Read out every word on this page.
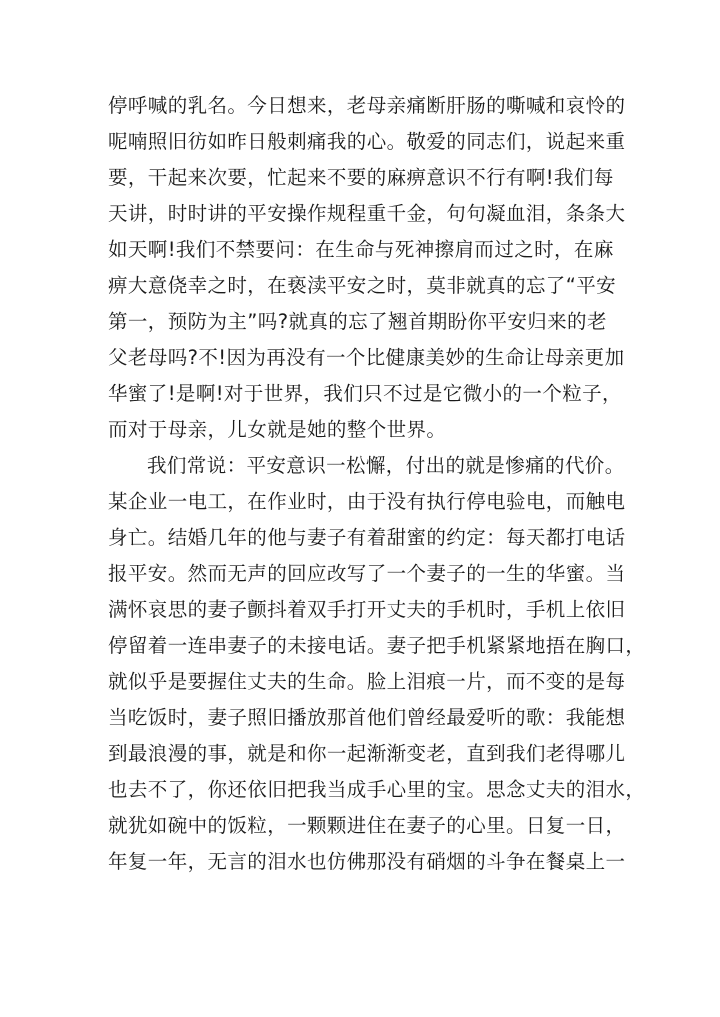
停呼喊的乳名。今日想来，老母亲痛断肝肠的嘶喊和哀怜的
呢喃照旧彷如昨日般刺痛我的心。敬爱的同志们，说起来重
要，干起来次要，忙起来不要的麻痹意识不行有啊!我们每
天讲，时时讲的平安操作规程重千金，句句凝血泪，条条大
如天啊!我们不禁要问：在生命与死神擦肩而过之时，在麻
痹大意侥幸之时，在亵渎平安之时，莫非就真的忘了“平安
第一，预防为主”吗?就真的忘了翘首期盼你平安归来的老
父老母吗?不!因为再没有一个比健康美妙的生命让母亲更加
华蜜了!是啊!对于世界，我们只不过是它微小的一个粒子，
而对于母亲，儿女就是她的整个世界。
我们常说：平安意识一松懈，付出的就是惨痛的代价。
某企业一电工，在作业时，由于没有执行停电验电，而触电
身亡。结婚几年的他与妻子有着甜蜜的约定：每天都打电话
报平安。然而无声的回应改写了一个妻子的一生的华蜜。当
满怀哀思的妻子颤抖着双手打开丈夫的手机时，手机上依旧
停留着一连串妻子的未接电话。妻子把手机紧紧地捂在胸口，
就似乎是要握住丈夫的生命。脸上泪痕一片，而不变的是每
当吃饭时，妻子照旧播放那首他们曾经最爱听的歌：我能想
到最浪漫的事，就是和你一起渐渐变老，直到我们老得哪儿
也去不了，你还依旧把我当成手心里的宝。思念丈夫的泪水，
就犹如碗中的饭粒，一颗颗进住在妻子的心里。日复一日，
年复一年，无言的泪水也仿佛那没有硝烟的斗争在餐桌上一
